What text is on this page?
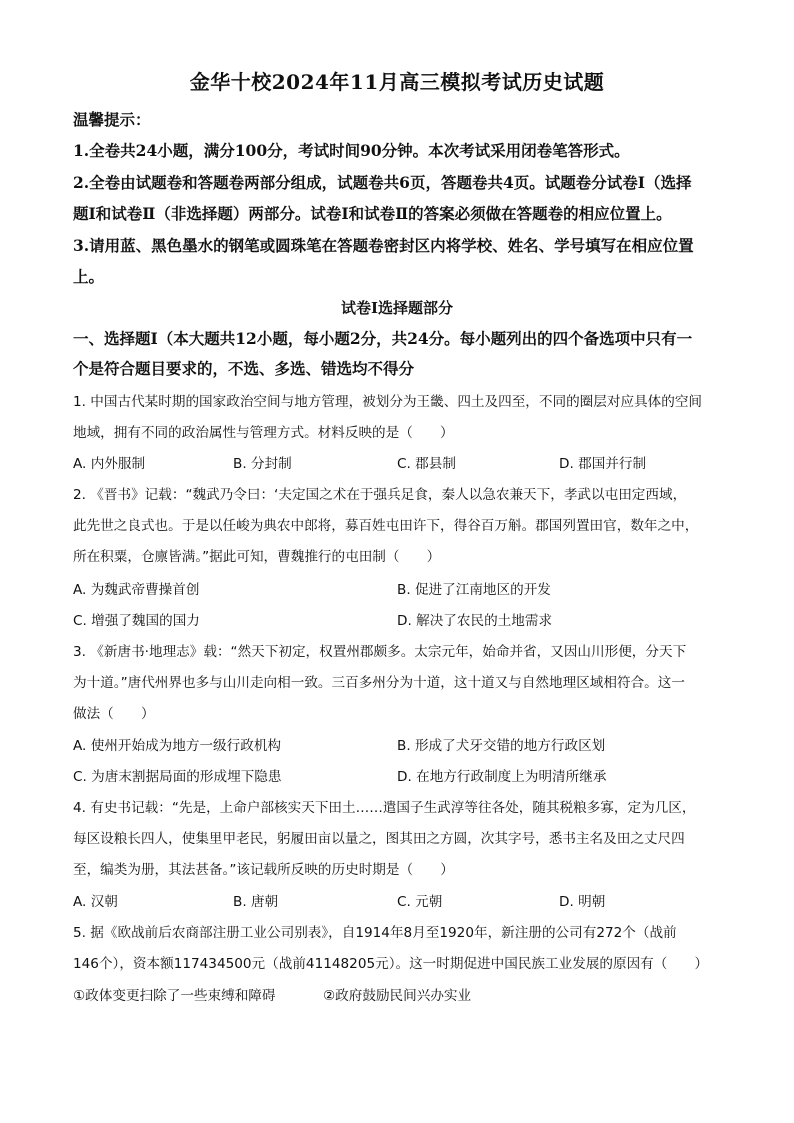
金华十校2024年11月高三模拟考试历史试题
温馨提示：
1.全卷共24小题，满分100分，考试时间90分钟。本次考试采用闭卷笔答形式。
2.全卷由试题卷和答题卷两部分组成，试题卷共6页，答题卷共4页。试题卷分试卷Ⅰ（选择
题Ⅰ和试卷Ⅱ（非选择题）两部分。试卷Ⅰ和试卷Ⅱ的答案必须做在答题卷的相应位置上。
3.请用蓝、黑色墨水的钢笔或圆珠笔在答题卷密封区内将学校、姓名、学号填写在相应位置
上。
试卷Ⅰ选择题部分
一、选择题Ⅰ（本大题共12小题，每小题2分，共24分。每小题列出的四个备选项中只有一
个是符合题目要求的，不选、多选、错选均不得分
1. 中国古代某时期的国家政治空间与地方管理，被划分为王畿、四土及四至，不同的圈层对应具体的空间
地域，拥有不同的政治属性与管理方式。材料反映的是（　　）
A. 内外服制	B. 分封制	C. 郡县制	D. 郡国并行制
2. 《晋书》记载：“魏武乃令曰：‘夫定国之术在于强兵足食，秦人以急农兼天下，孝武以屯田定西域，
此先世之良式也。于是以任峻为典农中郎将，募百姓屯田许下，得谷百万斛。郡国列置田官，数年之中，
所在积粟，仓廪皆满。”据此可知，曹魏推行的屯田制（　　）
A. 为魏武帝曹操首创	B. 促进了江南地区的开发
C. 增强了魏国的国力	D. 解决了农民的土地需求
3. 《新唐书·地理志》载：“然天下初定，权置州郡颇多。太宗元年，始命并省，又因山川形便，分天下
为十道。”唐代州界也多与山川走向相一致。三百多州分为十道，这十道又与自然地理区域相符合。这一
做法（　　）
A. 使州开始成为地方一级行政机构	B. 形成了犬牙交错的地方行政区划
C. 为唐末割据局面的形成埋下隐患	D. 在地方行政制度上为明清所继承
4. 有史书记载：“先是，上命户部核实天下田土……遣国子生武淳等往各处，随其税粮多寡，定为几区，
每区设粮长四人，使集里甲老民，躬履田亩以量之，图其田之方圆，次其字号，悉书主名及田之丈尺四
至，编类为册，其法甚备。”该记载所反映的历史时期是（　　）
A. 汉朝	B. 唐朝	C. 元朝	D. 明朝
5. 据《欧战前后农商部注册工业公司别表》，自1914年8月至1920年，新注册的公司有272个（战前
146个），资本额117434500元（战前41148205元）。这一时期促进中国民族工业发展的原因有（　　）
①政体变更扫除了一些束缚和障碍	②政府鼓励民间兴办实业
